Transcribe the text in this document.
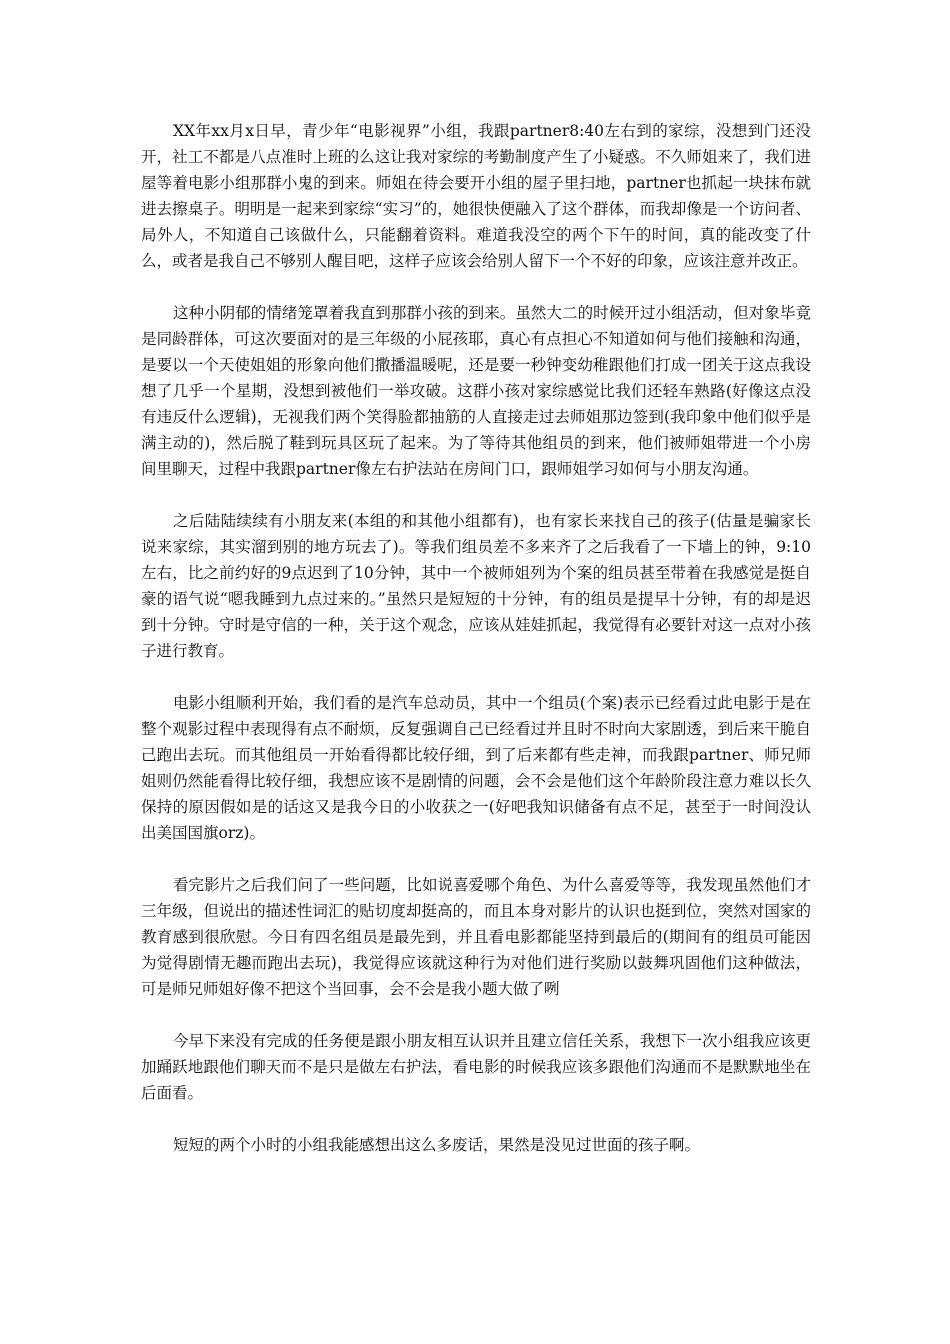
XX年xx月x日早，青少年“电影视界”小组，我跟partner8:40左右到的家综，没想到门还没开，社工不都是八点准时上班的么这让我对家综的考勤制度产生了小疑惑。不久师姐来了，我们进屋等着电影小组那群小鬼的到来。师姐在待会要开小组的屋子里扫地，partner也抓起一块抹布就进去擦桌子。明明是一起来到家综“实习”的，她很快便融入了这个群体，而我却像是一个访问者、局外人，不知道自己该做什么，只能翻着资料。难道我没空的两个下午的时间，真的能改变了什么，或者是我自己不够别人醒目吧，这样子应该会给别人留下一个不好的印象，应该注意并改正。

这种小阴郁的情绪笼罩着我直到那群小孩的到来。虽然大二的时候开过小组活动，但对象毕竟是同龄群体，可这次要面对的是三年级的小屁孩耶，真心有点担心不知道如何与他们接触和沟通，是要以一个天使姐姐的形象向他们撒播温暖呢，还是要一秒钟变幼稚跟他们打成一团关于这点我设想了几乎一个星期，没想到被他们一举攻破。这群小孩对家综感觉比我们还轻车熟路(好像这点没有违反什么逻辑)，无视我们两个笑得脸都抽筋的人直接走过去师姐那边签到(我印象中他们似乎是满主动的)，然后脱了鞋到玩具区玩了起来。为了等待其他组员的到来，他们被师姐带进一个小房间里聊天，过程中我跟partner像左右护法站在房间门口，跟师姐学习如何与小朋友沟通。

之后陆陆续续有小朋友来(本组的和其他小组都有)，也有家长来找自己的孩子(估量是骗家长说来家综，其实溜到别的地方玩去了)。等我们组员差不多来齐了之后我看了一下墙上的钟，9:10左右，比之前约好的9点迟到了10分钟，其中一个被师姐列为个案的组员甚至带着在我感觉是挺自豪的语气说“嗯我睡到九点过来的。”虽然只是短短的十分钟，有的组员是提早十分钟，有的却是迟到十分钟。守时是守信的一种，关于这个观念，应该从娃娃抓起，我觉得有必要针对这一点对小孩子进行教育。

电影小组顺利开始，我们看的是汽车总动员，其中一个组员(个案)表示已经看过此电影于是在整个观影过程中表现得有点不耐烦，反复强调自己已经看过并且时不时向大家剧透，到后来干脆自己跑出去玩。而其他组员一开始看得都比较仔细，到了后来都有些走神，而我跟partner、师兄师姐则仍然能看得比较仔细，我想应该不是剧情的问题，会不会是他们这个年龄阶段注意力难以长久保持的原因假如是的话这又是我今日的小收获之一(好吧我知识储备有点不足，甚至于一时间没认出美国国旗orz)。

看完影片之后我们问了一些问题，比如说喜爱哪个角色、为什么喜爱等等，我发现虽然他们才三年级，但说出的描述性词汇的贴切度却挺高的，而且本身对影片的认识也挺到位，突然对国家的教育感到很欣慰。今日有四名组员是最先到，并且看电影都能坚持到最后的(期间有的组员可能因为觉得剧情无趣而跑出去玩)，我觉得应该就这种行为对他们进行奖励以鼓舞巩固他们这种做法，可是师兄师姐好像不把这个当回事，会不会是我小题大做了咧

今早下来没有完成的任务便是跟小朋友相互认识并且建立信任关系，我想下一次小组我应该更加踊跃地跟他们聊天而不是只是做左右护法，看电影的时候我应该多跟他们沟通而不是默默地坐在后面看。

短短的两个小时的小组我能感想出这么多废话，果然是没见过世面的孩子啊。
